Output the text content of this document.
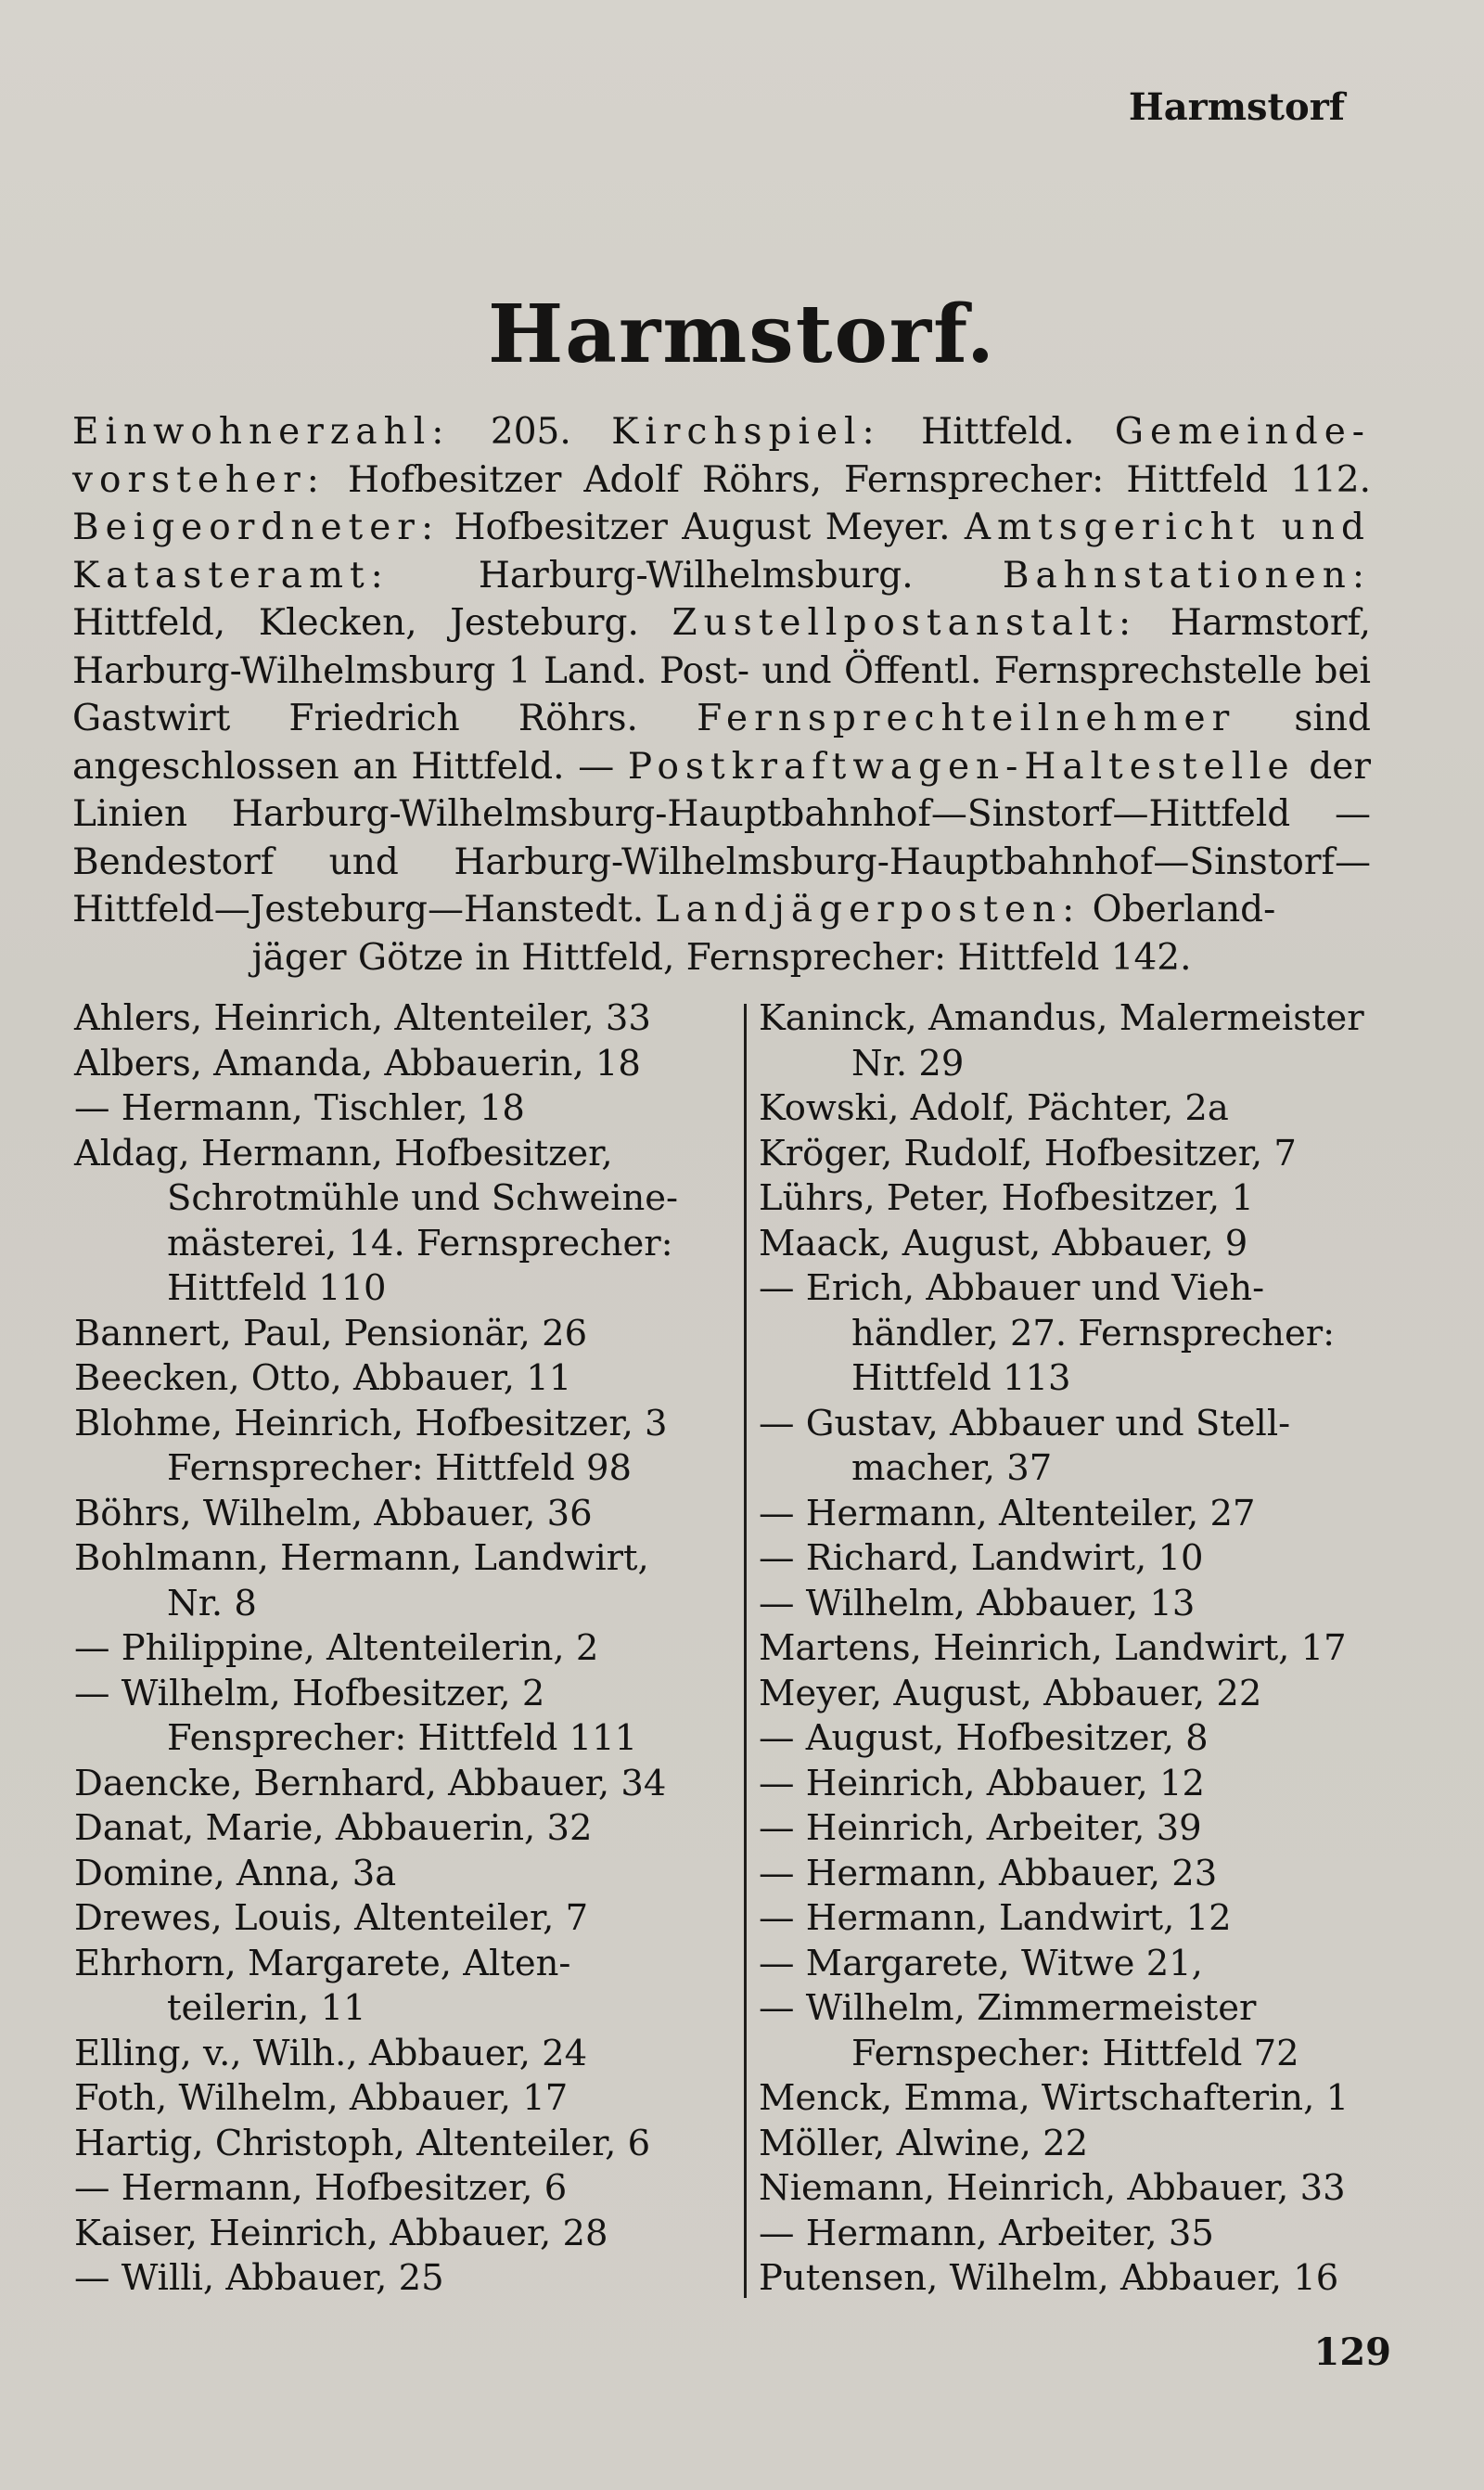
Harmstorf
Harmstorf.

Einwohnerzahl: 205. Kirchspiel: Hittfeld. Gemeinde-vorsteher: Hofbesitzer Adolf Röhrs, Fernsprecher: Hittfeld 112. Beigeordneter: Hofbesitzer August Meyer. Amtsgericht und Katasteramt: Harburg-Wilhelmsburg. Bahnstationen: Hittfeld, Klecken, Jesteburg. Zustellpostanstalt: Harmstorf, Harburg-Wilhelmsburg 1 Land. Post- und Öffentl. Fernsprechstelle bei Gastwirt Friedrich Röhrs. Fernsprechteilnehmer sind angeschlossen an Hittfeld. — Postkraftwagen-Haltestelle der Linien Harburg-Wilhelmsburg-Hauptbahnhof—Sinstorf—Hittfeld —Bendestorf und Harburg-Wilhelmsburg-Hauptbahnhof—Sinstorf— Hittfeld—Jesteburg—Hanstedt. Landjägerposten: Oberland-

jäger Götze in Hittfeld, Fernsprecher: Hittfeld 142.

Ahlers, Heinrich, Altenteiler, 33
Albers, Amanda, Abbauerin, 18
— Hermann, Tischler, 18
Aldag, Hermann, Hofbesitzer,
Schrotmühle und Schweine-
mästerei, 14. Fernsprecher:
Hittfeld 110
Bannert, Paul, Pensionär, 26
Beecken, Otto, Abbauer, 11
Blohme, Heinrich, Hofbesitzer, 3
Fernsprecher: Hittfeld 98
Böhrs, Wilhelm, Abbauer, 36
Bohlmann, Hermann, Landwirt,
Nr. 8
— Philippine, Altenteilerin, 2
— Wilhelm, Hofbesitzer, 2
Fensprecher: Hittfeld 111
Daencke, Bernhard, Abbauer, 34
Danat, Marie, Abbauerin, 32
Domine, Anna, 3a
Drewes, Louis, Altenteiler, 7
Ehrhorn, Margarete, Alten-
teilerin, 11
Elling, v., Wilh., Abbauer, 24
Foth, Wilhelm, Abbauer, 17
Hartig, Christoph, Altenteiler, 6
— Hermann, Hofbesitzer, 6
Kaiser, Heinrich, Abbauer, 28
— Willi, Abbauer, 25
Kaninck, Amandus, Malermeister
Nr. 29
Kowski, Adolf, Pächter, 2a
Kröger, Rudolf, Hofbesitzer, 7
Lührs, Peter, Hofbesitzer, 1
Maack, August, Abbauer, 9
— Erich, Abbauer und Vieh-
händler, 27. Fernsprecher:
Hittfeld 113
— Gustav, Abbauer und Stell-
macher, 37
— Hermann, Altenteiler, 27
— Richard, Landwirt, 10
— Wilhelm, Abbauer, 13
Martens, Heinrich, Landwirt, 17
Meyer, August, Abbauer, 22
— August, Hofbesitzer, 8
— Heinrich, Abbauer, 12
— Heinrich, Arbeiter, 39
— Hermann, Abbauer, 23
— Hermann, Landwirt, 12
— Margarete, Witwe 21,
— Wilhelm, Zimmermeister
Fernspecher: Hittfeld 72
Menck, Emma, Wirtschafterin, 1
Möller, Alwine, 22
Niemann, Heinrich, Abbauer, 33
— Hermann, Arbeiter, 35
Putensen, Wilhelm, Abbauer, 16
129
